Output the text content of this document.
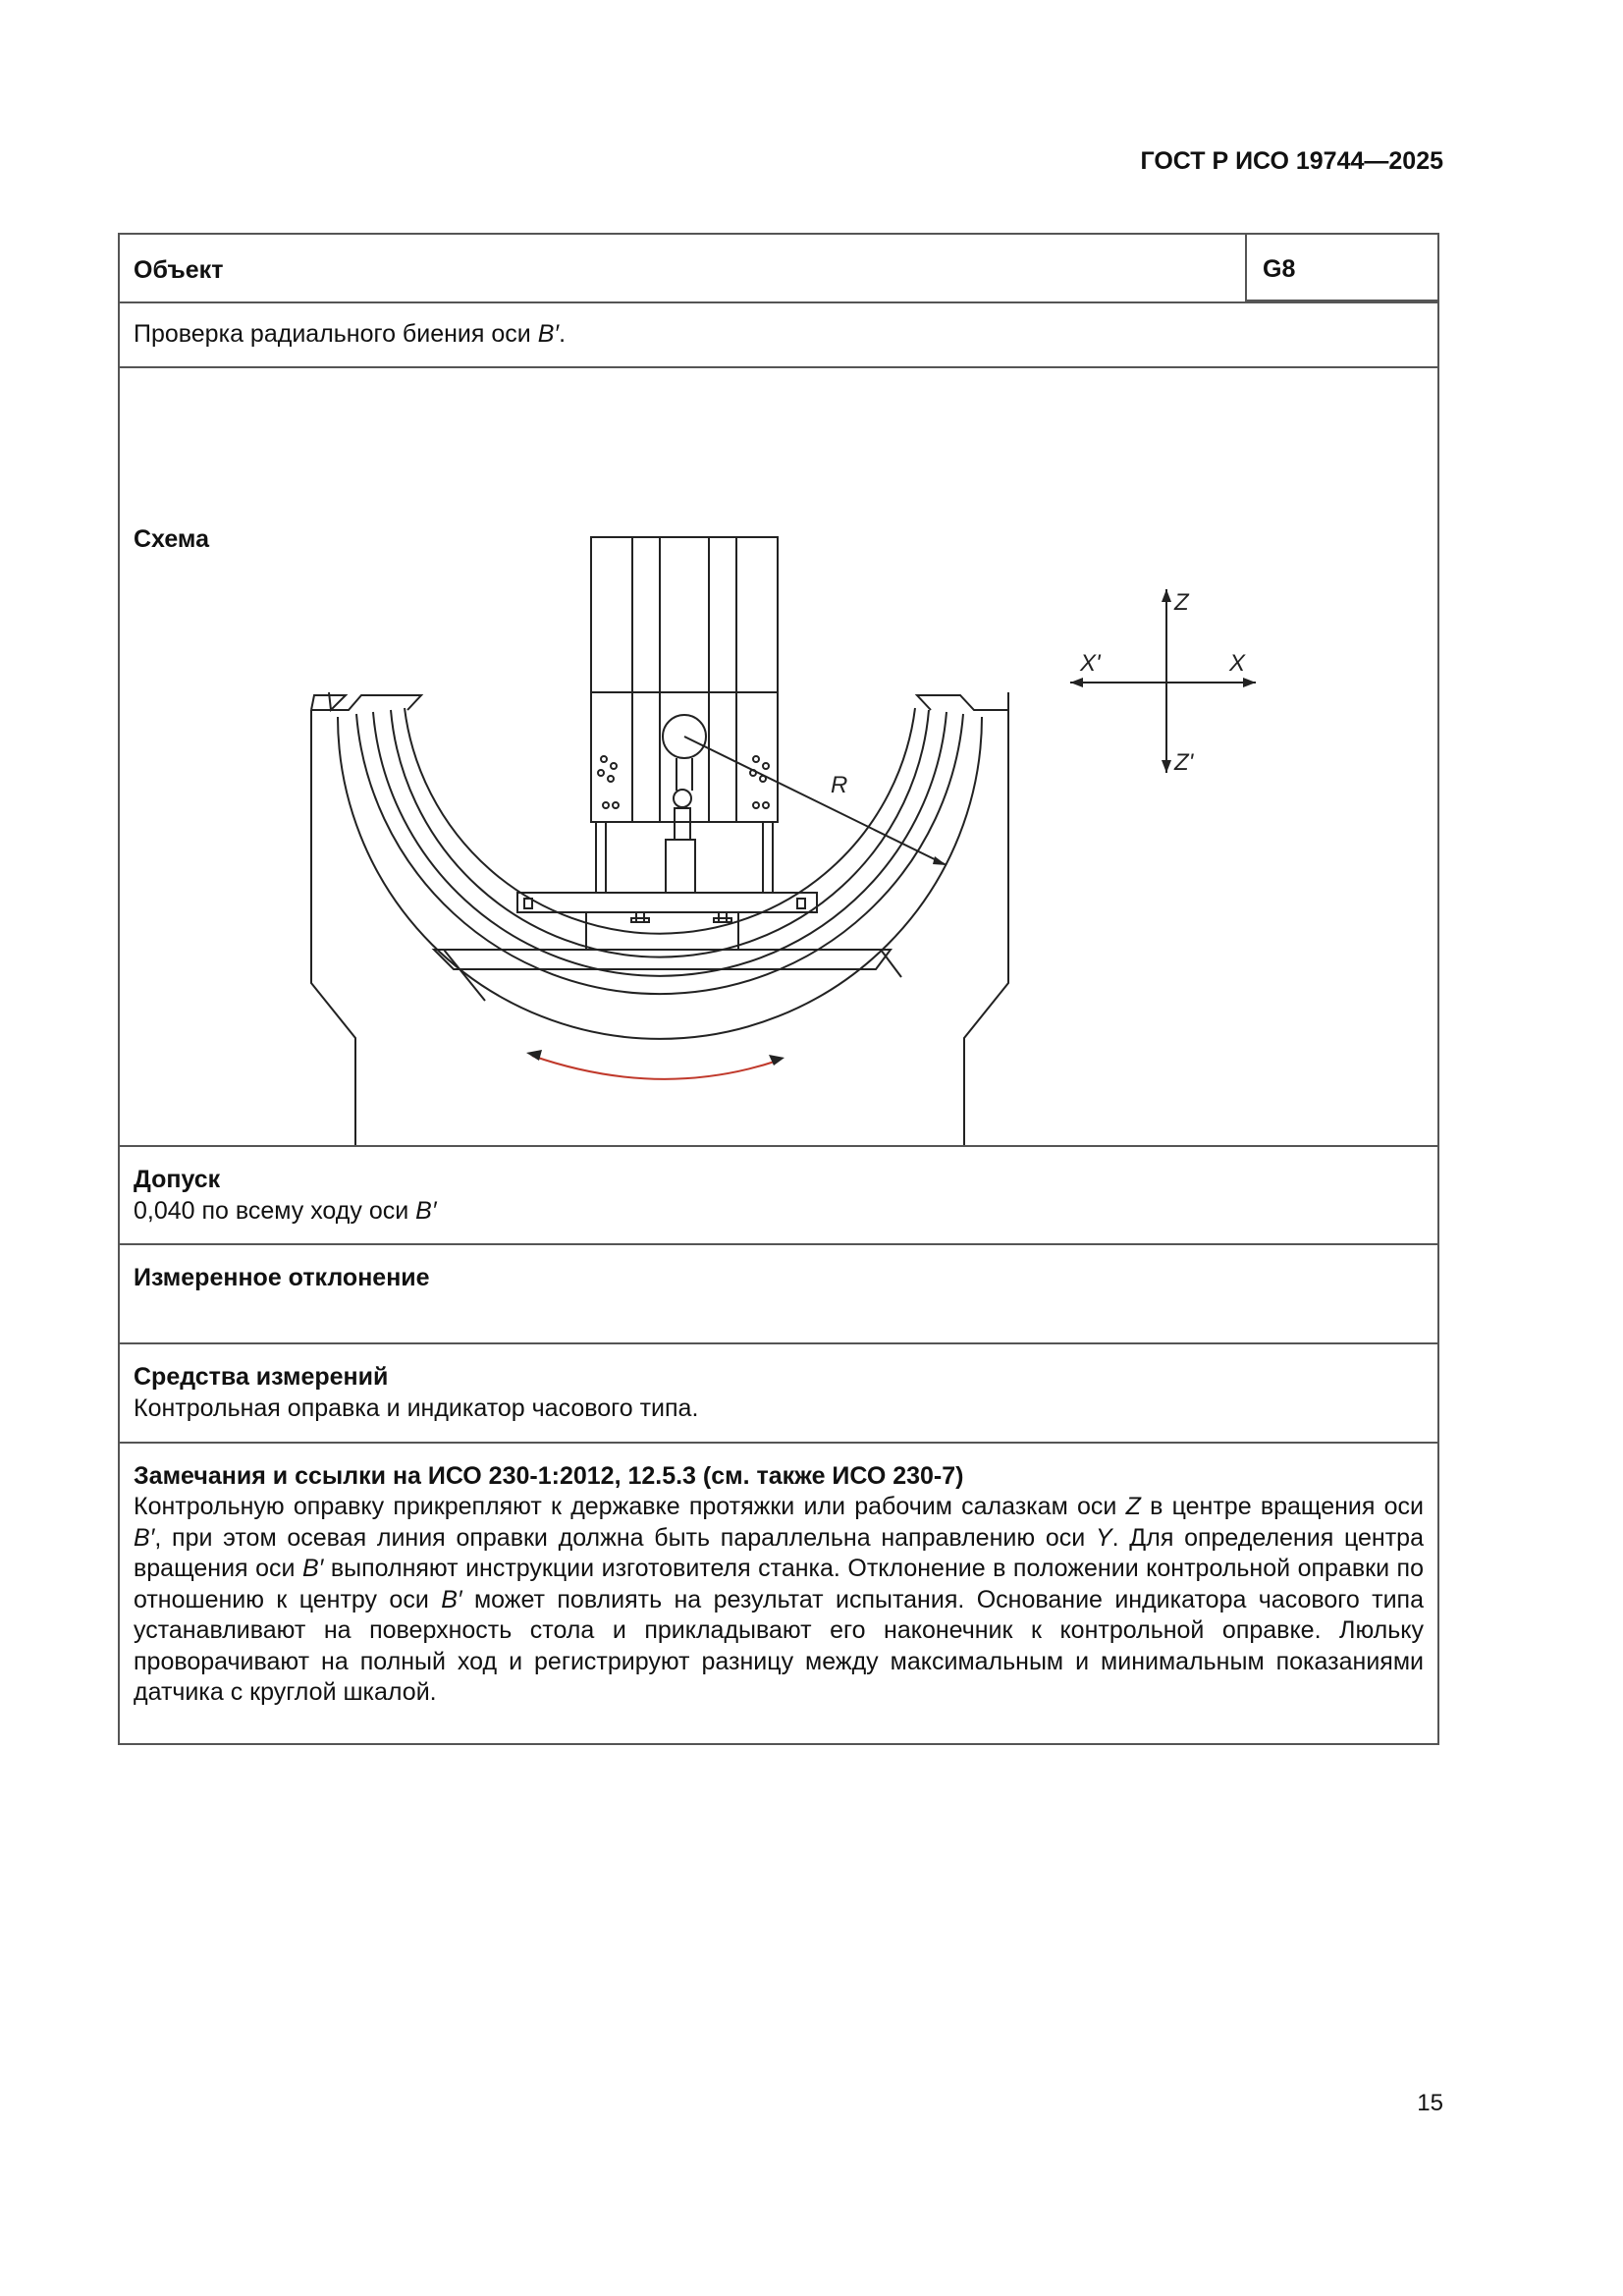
ГОСТ Р ИСО 19744—2025
Объект	G8
Проверка радиального биения оси B′.
Схема
R
Z
Z'
X
X'
Допуск
0,040 по всему ходу оси B′
Измеренное отклонение
Средства измерений
Контрольная оправка и индикатор часового типа.
Замечания и ссылки на ИСО 230-1:2012, 12.5.3 (см. также ИСО 230-7)
Контрольную оправку прикрепляют к державке протяжки или рабочим салазкам оси Z в центре вращения оси B′, при этом осевая линия оправки должна быть параллельна направлению оси Y. Для определения центра вращения оси B′ выполняют инструкции изготовителя станка. Отклонение в положении контрольной оправки по отношению к центру оси B′ может повлиять на результат испытания. Основание индикатора часового типа устанавливают на поверхность стола и прикладывают его наконечник к контрольной оправке. Люльку проворачивают на полный ход и регистрируют разницу между максимальным и минимальным показаниями датчика с круглой шкалой.
15
